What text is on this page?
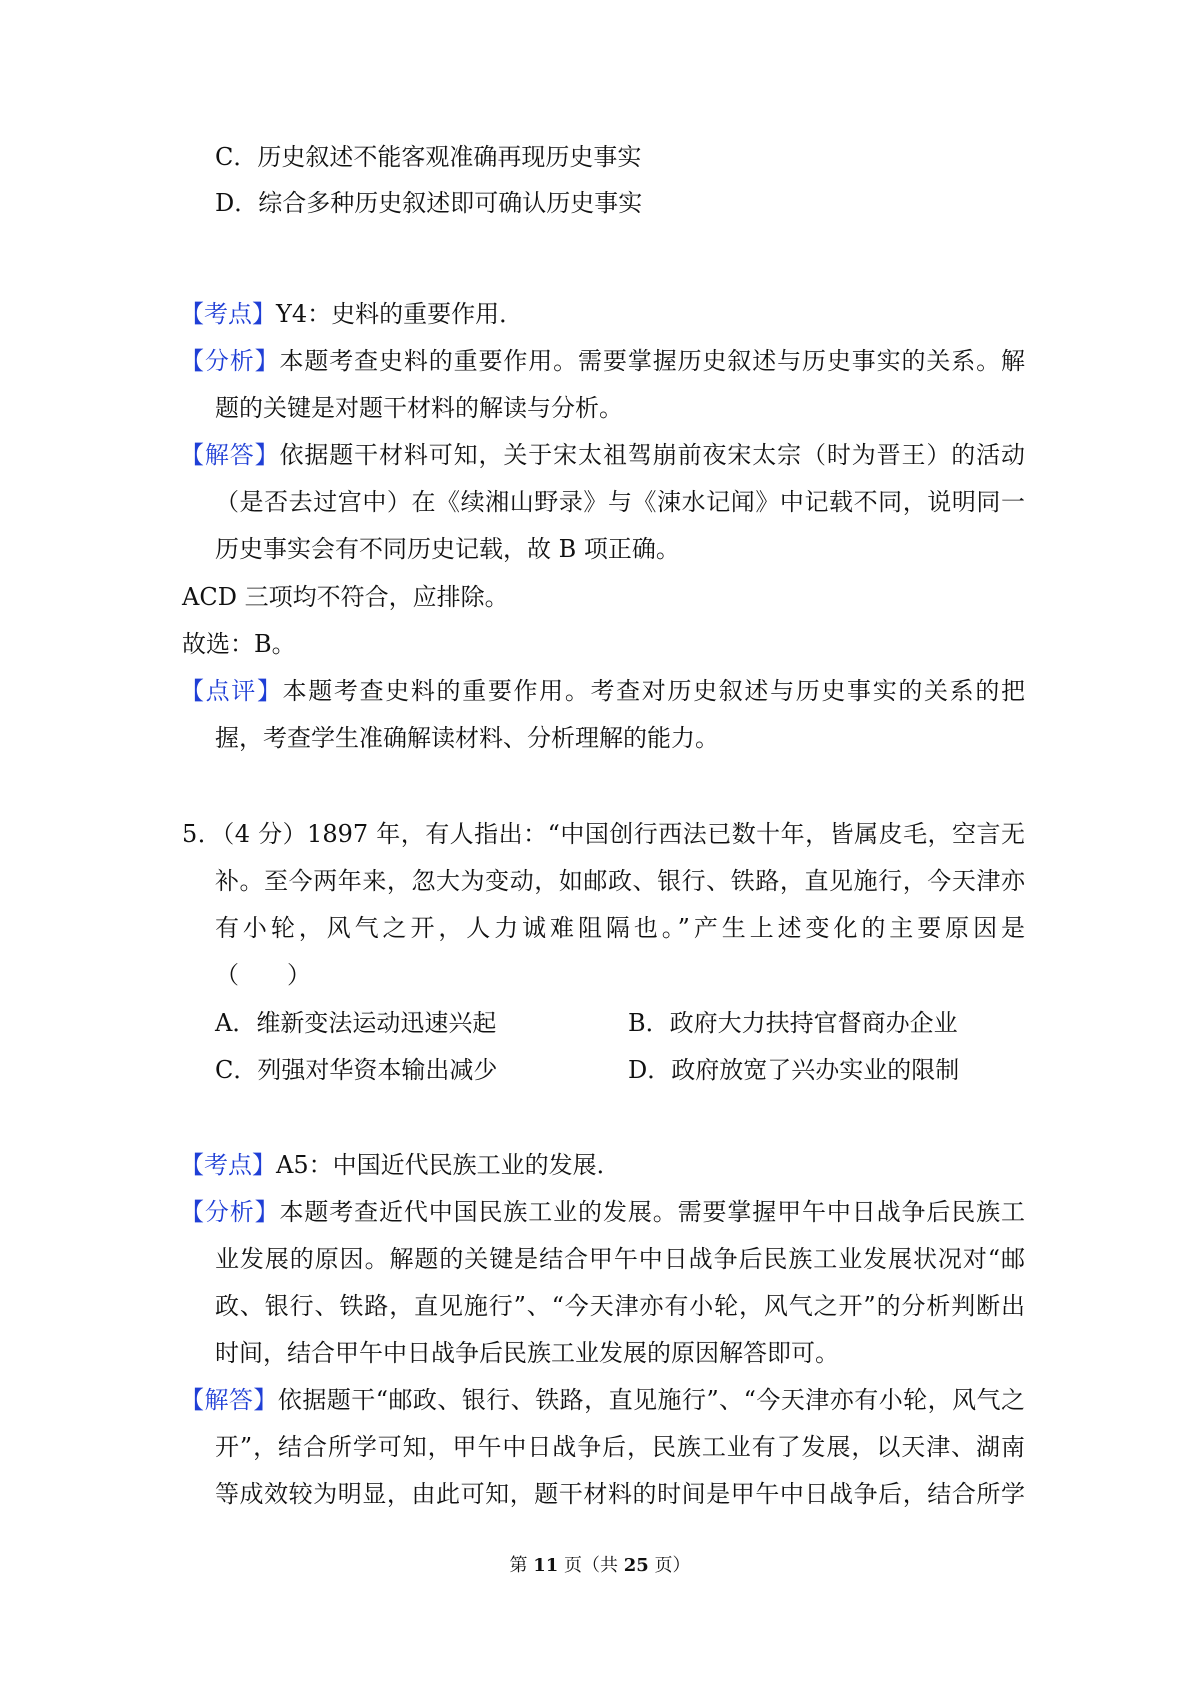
C．历史叙述不能客观准确再现历史事实
D．综合多种历史叙述即可确认历史事实
【考点】Y4：史料的重要作用．
【分析】本题考查史料的重要作用。需要掌握历史叙述与历史事实的关系。解
题的关键是对题干材料的解读与分析。
【解答】依据题干材料可知，关于宋太祖驾崩前夜宋太宗（时为晋王）的活动
（是否去过宫中）在《续湘山野录》与《涑水记闻》中记载不同，说明同一
历史事实会有不同历史记载，故 B 项正确。
ACD 三项均不符合，应排除。
故选：B。
【点评】本题考查史料的重要作用。考查对历史叙述与历史事实的关系的把
握，考查学生准确解读材料、分析理解的能力。
5．（4 分）1897 年，有人指出：“中国创行西法已数十年，皆属皮毛，空言无
补。至今两年来，忽大为变动，如邮政、银行、铁路，直见施行，今天津亦
有小轮，风气之开，人力诚难阻隔也。”产生上述变化的主要原因是
（　　）
A．维新变法运动迅速兴起	B．政府大力扶持官督商办企业
C．列强对华资本输出减少	D．政府放宽了兴办实业的限制
【考点】A5：中国近代民族工业的发展．
【分析】本题考查近代中国民族工业的发展。需要掌握甲午中日战争后民族工
业发展的原因。解题的关键是结合甲午中日战争后民族工业发展状况对“邮
政、银行、铁路，直见施行”、“今天津亦有小轮，风气之开”的分析判断出
时间，结合甲午中日战争后民族工业发展的原因解答即可。
【解答】依据题干“邮政、银行、铁路，直见施行”、“今天津亦有小轮，风气之
开”，结合所学可知，甲午中日战争后，民族工业有了发展，以天津、湖南
等成效较为明显，由此可知，题干材料的时间是甲午中日战争后，结合所学
第 11 页（共 25 页）
